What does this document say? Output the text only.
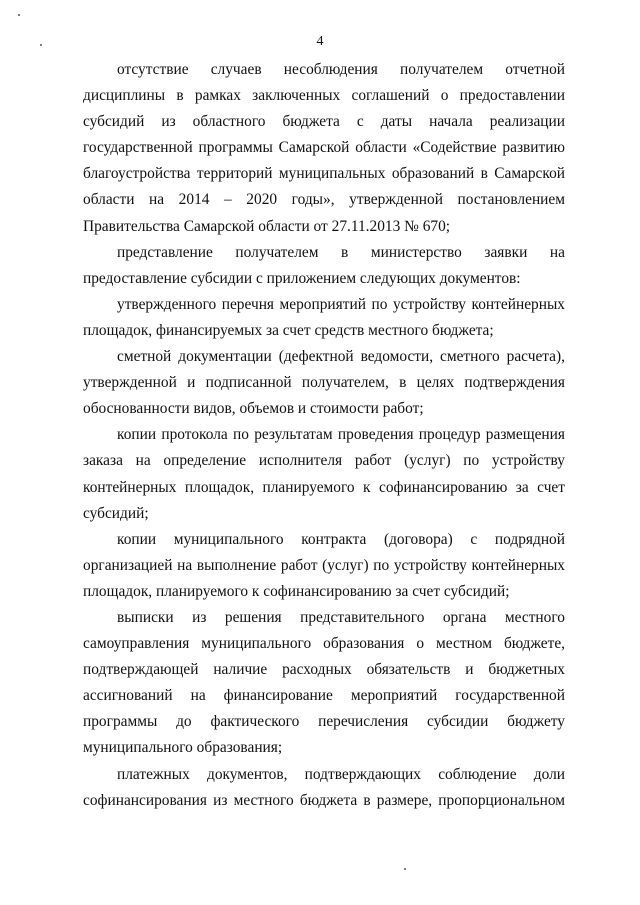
4

отсутствие случаев несоблюдения получателем отчетной дисциплины в рамках заключенных соглашений о предоставлении субсидий из областного бюджета с даты начала реализации государственной программы Самарской области «Содействие развитию благоустройства территорий муниципальных образований в Самарской области на 2014 – 2020 годы», утвержденной постановлением Правительства Самарской области от 27.11.2013 № 670;

представление получателем в министерство заявки на предоставление субсидии с приложением следующих документов:

утвержденного перечня мероприятий по устройству контейнерных площадок, финансируемых за счет средств местного бюджета;

сметной документации (дефектной ведомости, сметного расчета), утвержденной и подписанной получателем, в целях подтверждения обоснованности видов, объемов и стоимости работ;

копии протокола по результатам проведения процедур размещения заказа на определение исполнителя работ (услуг) по устройству контейнерных площадок, планируемого к софинансированию за счет субсидий;

копии муниципального контракта (договора) с подрядной организацией на выполнение работ (услуг) по устройству контейнерных площадок, планируемого к софинансированию за счет субсидий;

выписки из решения представительного органа местного самоуправления муниципального образования о местном бюджете, подтверждающей наличие расходных обязательств и бюджетных ассигнований на финансирование мероприятий государственной программы до фактического перечисления субсидии бюджету муниципального образования;

платежных документов, подтверждающих соблюдение доли софинансирования из местного бюджета в размере, пропорциональном
